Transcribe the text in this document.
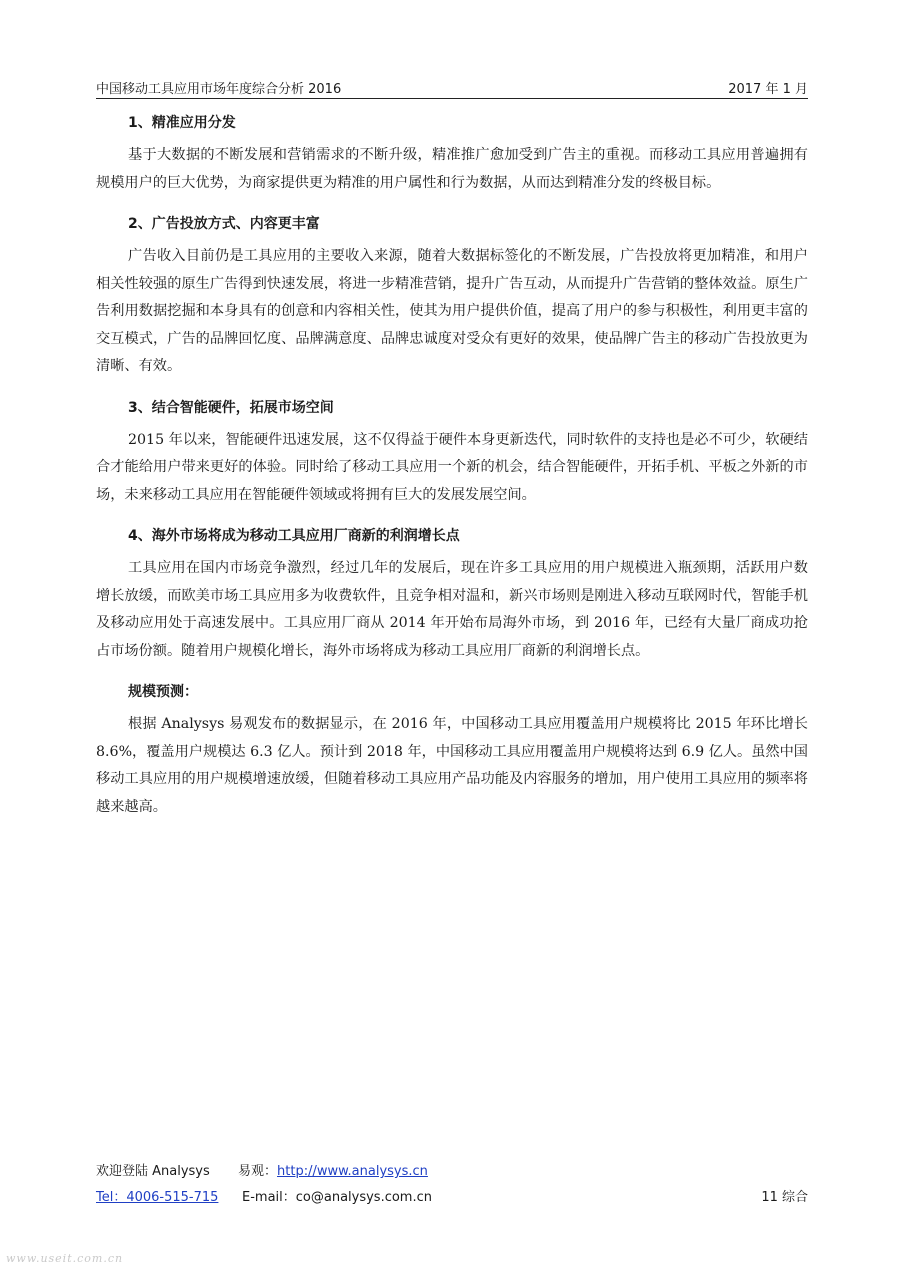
中国移动工具应用市场年度综合分析 2016	2017 年 1 月
1、精准应用分发

基于大数据的不断发展和营销需求的不断升级，精准推广愈加受到广告主的重视。而移动工具应用普遍拥有规模用户的巨大优势，为商家提供更为精准的用户属性和行为数据，从而达到精准分发的终极目标。

2、广告投放方式、内容更丰富

广告收入目前仍是工具应用的主要收入来源，随着大数据标签化的不断发展，广告投放将更加精准，和用户相关性较强的原生广告得到快速发展，将进一步精准营销，提升广告互动，从而提升广告营销的整体效益。原生广告利用数据挖掘和本身具有的创意和内容相关性，使其为用户提供价值，提高了用户的参与积极性，利用更丰富的交互模式，广告的品牌回忆度、品牌满意度、品牌忠诚度对受众有更好的效果，使品牌广告主的移动广告投放更为清晰、有效。

3、结合智能硬件，拓展市场空间

2015 年以来，智能硬件迅速发展，这不仅得益于硬件本身更新迭代，同时软件的支持也是必不可少，软硬结合才能给用户带来更好的体验。同时给了移动工具应用一个新的机会，结合智能硬件，开拓手机、平板之外新的市场，未来移动工具应用在智能硬件领域或将拥有巨大的发展发展空间。

4、海外市场将成为移动工具应用厂商新的利润增长点

工具应用在国内市场竞争激烈，经过几年的发展后，现在许多工具应用的用户规模进入瓶颈期，活跃用户数增长放缓，而欧美市场工具应用多为收费软件，且竞争相对温和，新兴市场则是刚进入移动互联网时代，智能手机及移动应用处于高速发展中。工具应用厂商从 2014 年开始布局海外市场，到 2016 年，已经有大量厂商成功抢占市场份额。随着用户规模化增长，海外市场将成为移动工具应用厂商新的利润增长点。

规模预测：

根据 Analysys 易观发布的数据显示，在 2016 年，中国移动工具应用覆盖用户规模将比 2015 年环比增长 8.6%，覆盖用户规模达 6.3 亿人。预计到 2018 年，中国移动工具应用覆盖用户规模将达到 6.9 亿人。虽然中国移动工具应用的用户规模增速放缓，但随着移动工具应用产品功能及内容服务的增加，用户使用工具应用的频率将越来越高。

欢迎登陆 Analysys 易观：http://www.analysys.cn
Tel：4006-515-715 E-mail：co@analysys.com.cn	11 综合
www.useit.com.cn
